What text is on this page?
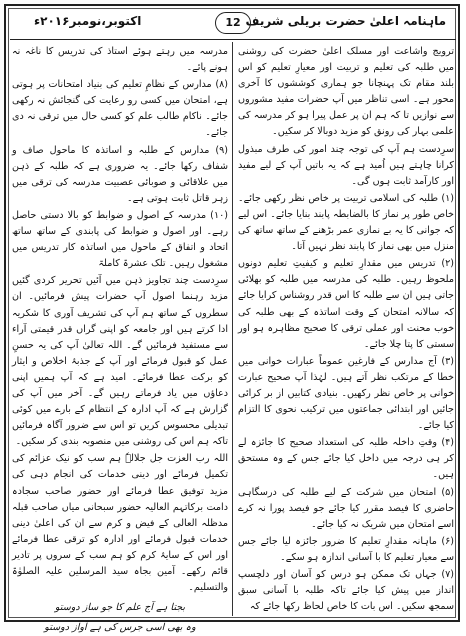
ماہنامہ اعلیٰ حضرت بریلی شریف
12
اکتوبر،نومبر۲۰۱۶ء

ترویج واشاعت اور مسلک اعلیٰ حضرت کی روشنی میں طلبہ کی تعلیم و تربیت اور معیارِ تعلیم کو اس بلند مقام تک پہنچانا جو ہماری کوششوں کا آخری محور ہے۔ اسی تناظر میں آپ حضرات مفید مشوروں سے نوازیں تا کہ ہم ان پر عمل پیرا ہو کر مدرسہ کی علمی بہار کی رونق کو مزید دوبالا کر سکیں۔

سرِدست ہم آپ کی توجہ چند امور کی طرف مبذول کرانا چاہتے ہیں اُمید ہے کہ یہ باتیں آپ کے لیے مفید اور کارآمد ثابت ہوں گی۔

(۱) طلبہ کی اسلامی تربیت پر خاص نظر رکھی جائے۔ خاص طور پر نماز کا بالضابطہ پابند بنایا جائے۔ اس لیے کہ جوانی کا یہ بے نمازی عمر بڑھنے کے ساتھ ساتھ کی منزل میں بھی نماز کا پابند نظر نہیں آتا۔

(۲) تدریس میں مقدارِ تعلیم و کیفیتِ تعلیم دونوں ملحوظ رہیں۔ طلبہ کی مدرسہ میں طلبہ کو بھلائی جاتی ہیں ان سے طلبہ کا اس قدر روشناس کرایا جائے کہ سالانہ امتحان کے وقت اساتذہ کے بھی طلبہ کی خوب محنت اور عملی ترقی کا صحیح مظاہرہ ہو اور سستی کا پتا چلا جائے۔

(۳) آج مدارس کے فارغین عموماً عبارات خوانی میں خطا کے مرتکب نظر آتے ہیں۔ لہٰذا آپ صحیح عبارت خوانی پر خاص نظر رکھیں۔ بنیادی کتابیں از بر کرائی جائیں اور ابتدائی جماعتوں میں ترکیب نحوی کا التزام کیا جائے۔

(۴) وقتِ داخلہ طلبہ کی استعداد صحیح کا جائزہ لے کر ہی درجہ میں داخل کیا جائے جس کے وہ مستحق ہیں۔

(۵) امتحان میں شرکت کے لیے طلبہ کی درسگاہی حاضری کا فیصد مقرر کیا جائے جو فیصد پورا نہ کرے اسے امتحان میں شریک نہ کیا جائے۔

(۶) ماہانہ مقدارِ تعلیم کا ضرور جائزہ لیا جائے جس سے معیار تعلیم کا با آسانی اندازہ ہو سکے۔

(۷) جہاں تک ممکن ہو درس کو آسان اور دلچسپ انداز میں پیش کیا جائے تاکہ طلبہ با آسانی سبق سمجھ سکیں۔ اس بات کا خاص لحاظ رکھا جائے کہ

مدرسہ میں رہتے ہوئے استاذ کی تدریس کا ناغہ نہ ہونے پائے۔

(۸) مدارس کے نظامِ تعلیم کی بنیاد امتحانات پر ہوتی ہے، امتحان میں کسی رو رعایت کی گنجائش نہ رکھی جائے۔ ناکام طالب علم کو کسی حال میں ترقی نہ دی جائے۔

(۹) مدارس کے طلبہ و اساتذہ کا ماحول صاف و شفاف رکھا جائے۔ یہ ضروری ہے کہ طلبہ کے ذہن میں علاقائی و صوبائی عصبیت مدرسہ کی ترقی میں زہر قاتل ثابت ہوتی ہے۔

(۱۰) مدرسہ کے اصول و ضوابط کو بالا دستی حاصل رہے۔ اور اصول و ضوابط کی پابندی کے ساتھ ساتھ اتحاد و اتفاق کے ماحول میں اساتذہ کار تدریس میں مشغول رہیں۔ تلک عشرۃ کاملۃ

سرِدست چند تجاویز ذہن میں آئیں تحریر کردی گئیں مزید رہنما اصول آپ حضرات پیش فرمائیں۔ ان سطروں کے ساتھ ہم آپ کی تشریف آوری کا شکریہ ادا کرتے ہیں اور جامعہ کو اپنی گراں قدر قیمتی آراء سے مستفید فرمائیں گے۔ اللہ تعالیٰ آپ کی یہ حسنِ عمل کو قبول فرمائے اور آپ کے جذبۂ اخلاص و ایثار کو برکت عطا فرمائے۔ امید ہے کہ آپ ہمیں اپنی دعاؤں میں یاد فرماتے رہیں گے۔ آخر میں آپ کی گزارش ہے کہ آپ ادارہ کے انتظام کے بارے میں کوئی تبدیلی محسوس کریں تو اس سے ضرور آگاہ فرمائیں تاکہ ہم اس کی روشنی میں منصوبہ بندی کر سکیں۔

اللہ رب العزت جل جلالہٗ ہم سب کو نیک عزائم کی تکمیل فرمائے اور دینی خدمات کی انجام دہی کی مزید توفیق عطا فرمائے اور حضور صاحب سجادہ دامت برکاتہم العالیہ حضور سبحانی میاں صاحب قبلہ مدظلہ العالی کے فیض و کرم سے ان کی اعلیٰ دینی خدمات قبول فرمائے اور ادارہ کو ترقی عطا فرمائے اور اس کے سایۂ کرم کو ہم سب کے سروں پر تادیر قائم رکھے۔ آمین بجاہ سید المرسلین علیہ الصلوٰۃ والتسلیم۔

بجتا ہے آج علم کا جو ساز دوستو

وہ بھی اسی جرس کی ہے آواز دوستو
